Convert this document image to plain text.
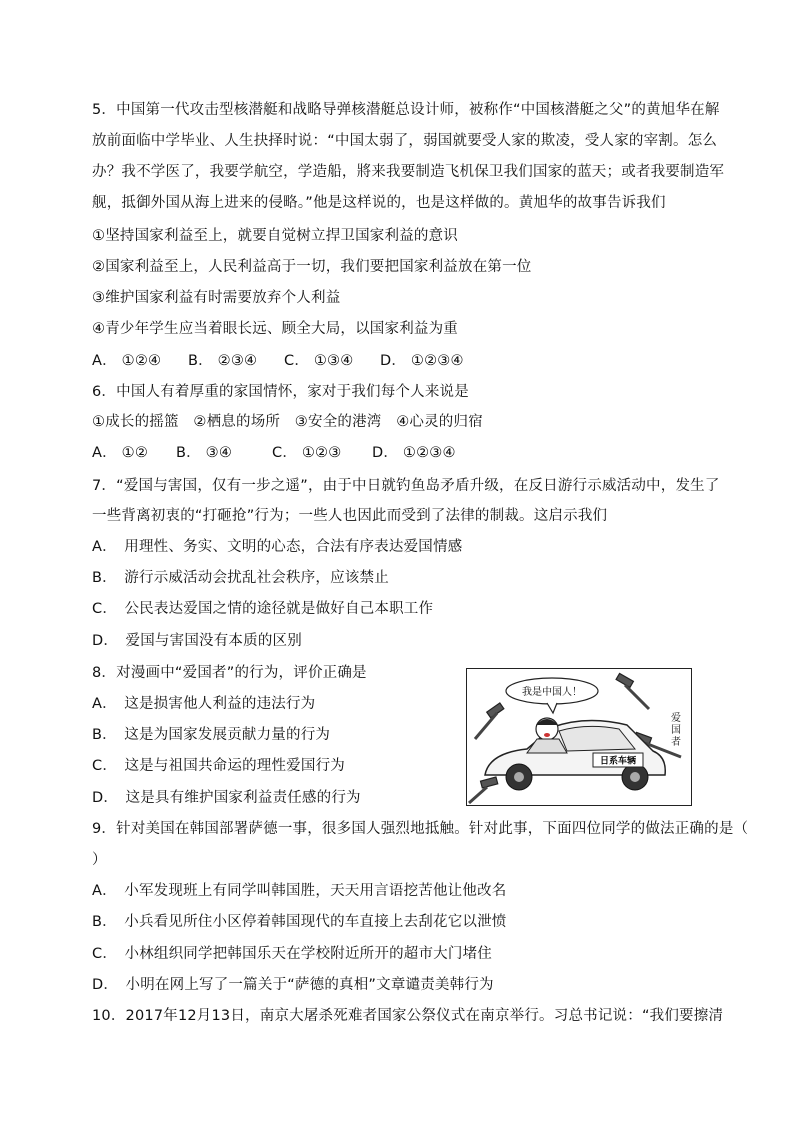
5．中国第一代攻击型核潜艇和战略导弹核潜艇总设计师，被称作“中国核潜艇之父”的黄旭华在解
放前面临中学毕业、人生抉择时说：“中国太弱了，弱国就要受人家的欺凌，受人家的宰割。怎么
办？我不学医了，我要学航空，学造船，將来我要制造飞机保卫我们国家的蓝天；或者我要制造军
舰，抵御外国从海上进来的侵略。”他是这样说的，也是这样做的。黄旭华的故事告诉我们
①坚持国家利益至上，就要自觉树立捍卫国家利益的意识
②国家利益至上，人民利益高于一切，我们要把国家利益放在第一位
③维护国家利益有时需要放弃个人利益
④青少年学生应当着眼长远、顾全大局，以国家利益为重
A． ①②④ B． ②③④ C． ①③④ D． ①②③④
6．中国人有着厚重的家国情怀，家对于我们每个人来说是
①成长的摇篮　②栖息的场所　③安全的港湾　④心灵的归宿
A． ①② B． ③④	C． ①②③ D． ①②③④
7．“爱国与害国，仅有一步之遥”，由于中日就钓鱼岛矛盾升级，在反日游行示威活动中，发生了
一些背离初衷的“打砸抢”行为；一些人也因此而受到了法律的制裁。这启示我们
A．　用理性、务实、文明的心态，合法有序表达爱国情感
B．　游行示威活动会扰乱社会秩序，应该禁止
C．　公民表达爱国之情的途径就是做好自己本职工作
D．　爱国与害国没有本质的区别
8．对漫画中“爱国者”的行为，评价正确是
A．　这是损害他人利益的违法行为
B．　这是为国家发展贡献力量的行为
C．　这是与祖国共命运的理性爱国行为
D．　这是具有维护国家利益责任感的行为
我是中国人！
日系车辆
爱国者
9．针对美国在韩国部署萨德一事，很多国人强烈地抵触。针对此事，下面四位同学的做法正确的是（
）
A．　小军发现班上有同学叫韩国胜，天天用言语挖苦他让他改名
B．　小兵看见所住小区停着韩国现代的车直接上去刮花它以泄愤
C．　小林组织同学把韩国乐天在学校附近所开的超市大门堵住
D．　小明在网上写了一篇关于“萨德的真相”文章谴责美韩行为
10．2017年12月13日，南京大屠杀死难者国家公祭仪式在南京举行。习总书记说：“我们要擦清
